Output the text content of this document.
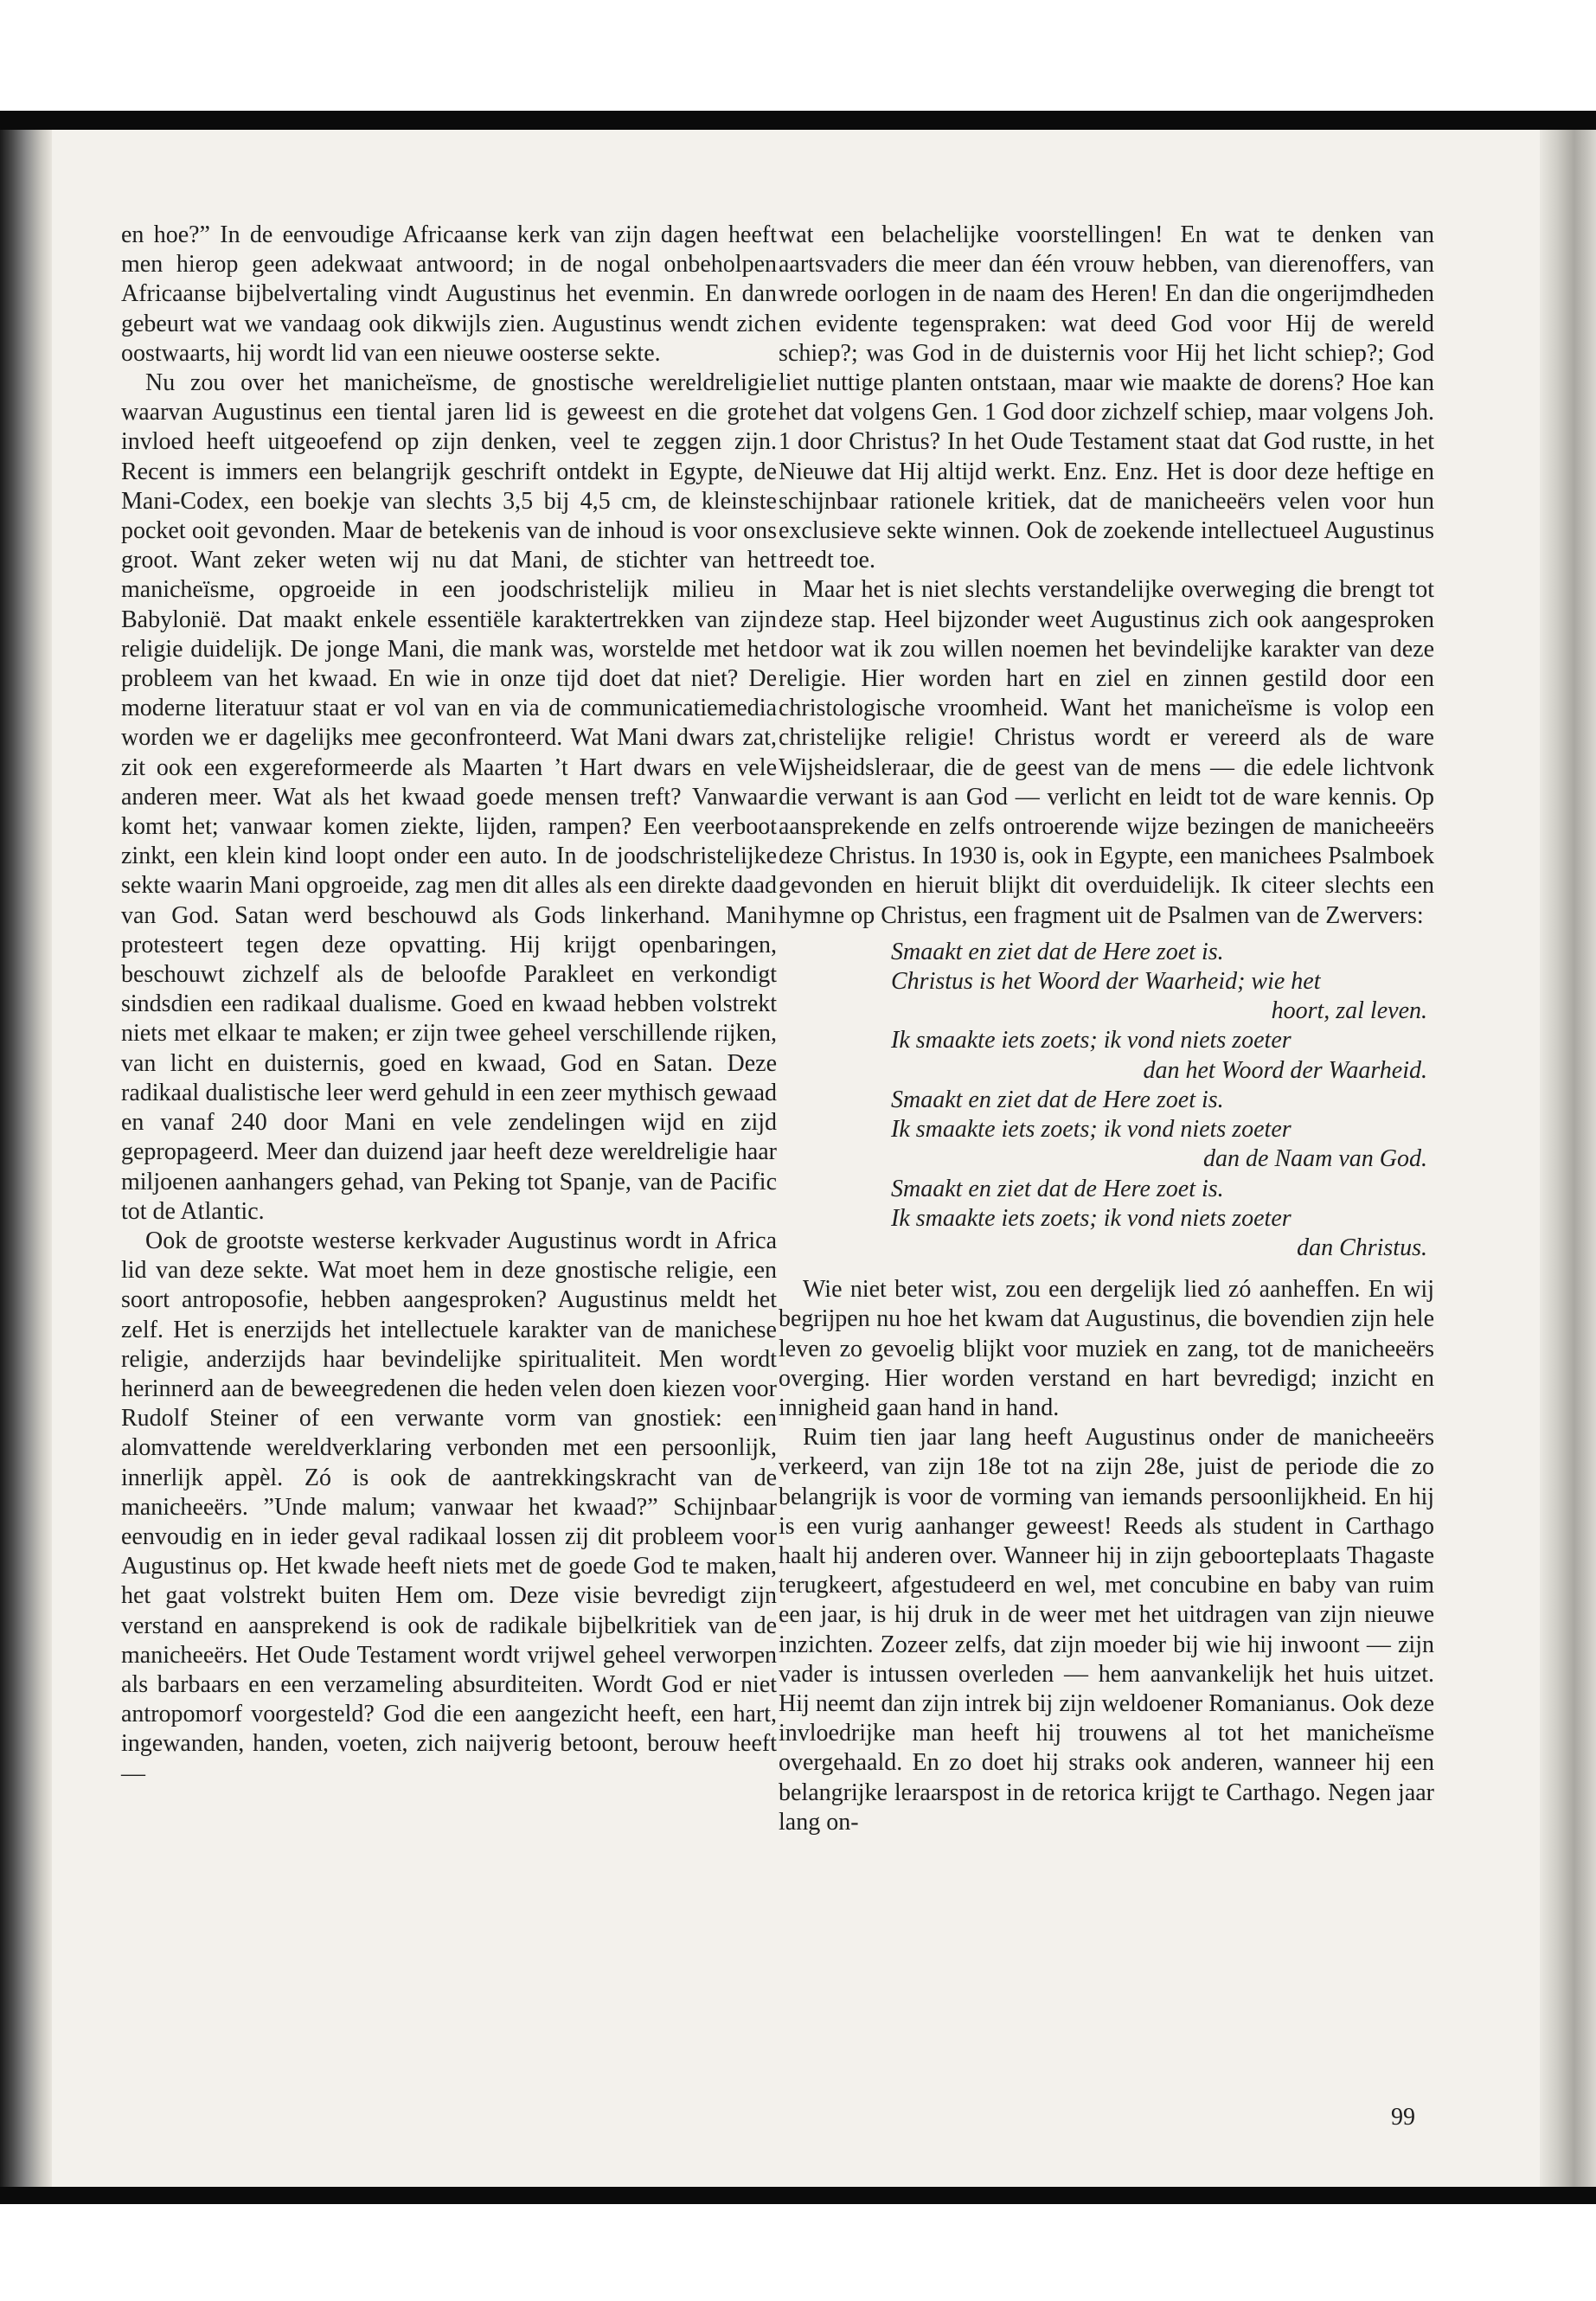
en hoe?” In de eenvoudige Africaanse kerk van zijn dagen heeft men hierop geen adekwaat antwoord; in de nogal onbeholpen Africaanse bijbelvertaling vindt Augustinus het evenmin. En dan gebeurt wat we vandaag ook dikwijls zien. Augustinus wendt zich oostwaarts, hij wordt lid van een nieuwe oosterse sekte.

Nu zou over het manicheïsme, de gnostische wereldreligie waarvan Augustinus een tiental jaren lid is geweest en die grote invloed heeft uitgeoefend op zijn denken, veel te zeggen zijn. Recent is immers een belangrijk geschrift ontdekt in Egypte, de Mani-Codex, een boekje van slechts 3,5 bij 4,5 cm, de kleinste pocket ooit gevonden. Maar de betekenis van de inhoud is voor ons groot. Want zeker weten wij nu dat Mani, de stichter van het manicheïsme, opgroeide in een joodschristelijk milieu in Babylonië. Dat maakt enkele essentiële karaktertrekken van zijn religie duidelijk. De jonge Mani, die mank was, worstelde met het probleem van het kwaad. En wie in onze tijd doet dat niet? De moderne literatuur staat er vol van en via de communicatiemedia worden we er dagelijks mee geconfronteerd. Wat Mani dwars zat, zit ook een exgereformeerde als Maarten ’t Hart dwars en vele anderen meer. Wat als het kwaad goede mensen treft? Vanwaar komt het; vanwaar komen ziekte, lijden, rampen? Een veerboot zinkt, een klein kind loopt onder een auto. In de joodschristelijke sekte waarin Mani opgroeide, zag men dit alles als een direkte daad van God. Satan werd beschouwd als Gods linkerhand. Mani protesteert tegen deze opvatting. Hij krijgt openbaringen, beschouwt zichzelf als de beloofde Parakleet en verkondigt sindsdien een radikaal dualisme. Goed en kwaad hebben volstrekt niets met elkaar te maken; er zijn twee geheel verschillende rijken, van licht en duisternis, goed en kwaad, God en Satan. Deze radikaal dualistische leer werd gehuld in een zeer mythisch gewaad en vanaf 240 door Mani en vele zendelingen wijd en zijd gepropageerd. Meer dan duizend jaar heeft deze wereldreligie haar miljoenen aanhangers gehad, van Peking tot Spanje, van de Pacific tot de Atlantic.

Ook de grootste westerse kerkvader Augustinus wordt in Africa lid van deze sekte. Wat moet hem in deze gnostische religie, een soort antroposofie, hebben aangesproken? Augustinus meldt het zelf. Het is enerzijds het intellectuele karakter van de manichese religie, anderzijds haar bevindelijke spiritualiteit. Men wordt herinnerd aan de beweegredenen die heden velen doen kiezen voor Rudolf Steiner of een verwante vorm van gnostiek: een alomvattende wereldverklaring verbonden met een persoonlijk, innerlijk appèl. Zó is ook de aantrekkingskracht van de manicheeërs. ”Unde malum; vanwaar het kwaad?” Schijnbaar eenvoudig en in ieder geval radikaal lossen zij dit probleem voor Augustinus op. Het kwade heeft niets met de goede God te maken, het gaat volstrekt buiten Hem om. Deze visie bevredigt zijn verstand en aansprekend is ook de radikale bijbelkritiek van de manicheeërs. Het Oude Testament wordt vrijwel geheel verworpen als barbaars en een verzameling absurditeiten. Wordt God er niet antropomorf voorgesteld? God die een aangezicht heeft, een hart, ingewanden, handen, voeten, zich naijverig betoont, berouw heeft —

wat een belachelijke voorstellingen! En wat te denken van aartsvaders die meer dan één vrouw hebben, van dierenoffers, van wrede oorlogen in de naam des Heren! En dan die ongerijmdheden en evidente tegenspraken: wat deed God voor Hij de wereld schiep?; was God in de duisternis voor Hij het licht schiep?; God liet nuttige planten ontstaan, maar wie maakte de dorens? Hoe kan het dat volgens Gen. 1 God door zichzelf schiep, maar volgens Joh. 1 door Christus? In het Oude Testament staat dat God rustte, in het Nieuwe dat Hij altijd werkt. Enz. Enz. Het is door deze heftige en schijnbaar rationele kritiek, dat de manicheeërs velen voor hun exclusieve sekte winnen. Ook de zoekende intellectueel Augustinus treedt toe.

Maar het is niet slechts verstandelijke overweging die brengt tot deze stap. Heel bijzonder weet Augustinus zich ook aangesproken door wat ik zou willen noemen het bevindelijke karakter van deze religie. Hier worden hart en ziel en zinnen gestild door een christologische vroomheid. Want het manicheïsme is volop een christelijke religie! Christus wordt er vereerd als de ware Wijsheidsleraar, die de geest van de mens — die edele lichtvonk die verwant is aan God — verlicht en leidt tot de ware kennis. Op aansprekende en zelfs ontroerende wijze bezingen de manicheeërs deze Christus. In 1930 is, ook in Egypte, een manichees Psalmboek gevonden en hieruit blijkt dit overduidelijk. Ik citeer slechts een hymne op Christus, een fragment uit de Psalmen van de Zwervers:

Smaakt en ziet dat de Here zoet is.
Christus is het Woord der Waarheid; wie het
hoort, zal leven.
Ik smaakte iets zoets; ik vond niets zoeter
dan het Woord der Waarheid.
Smaakt en ziet dat de Here zoet is.
Ik smaakte iets zoets; ik vond niets zoeter
dan de Naam van God.
Smaakt en ziet dat de Here zoet is.
Ik smaakte iets zoets; ik vond niets zoeter
dan Christus.

Wie niet beter wist, zou een dergelijk lied zó aanheffen. En wij begrijpen nu hoe het kwam dat Augustinus, die bovendien zijn hele leven zo gevoelig blijkt voor muziek en zang, tot de manicheeërs overging. Hier worden verstand en hart bevredigd; inzicht en innigheid gaan hand in hand.

Ruim tien jaar lang heeft Augustinus onder de manicheeërs verkeerd, van zijn 18e tot na zijn 28e, juist de periode die zo belangrijk is voor de vorming van iemands persoonlijkheid. En hij is een vurig aanhanger geweest! Reeds als student in Carthago haalt hij anderen over. Wanneer hij in zijn geboorteplaats Thagaste terugkeert, afgestudeerd en wel, met concubine en baby van ruim een jaar, is hij druk in de weer met het uitdragen van zijn nieuwe inzichten. Zozeer zelfs, dat zijn moeder bij wie hij inwoont — zijn vader is intussen overleden — hem aanvankelijk het huis uitzet. Hij neemt dan zijn intrek bij zijn weldoener Romanianus. Ook deze invloedrijke man heeft hij trouwens al tot het manicheïsme overgehaald. En zo doet hij straks ook anderen, wanneer hij een belangrijke leraarspost in de retorica krijgt te Carthago. Negen jaar lang on-

99
